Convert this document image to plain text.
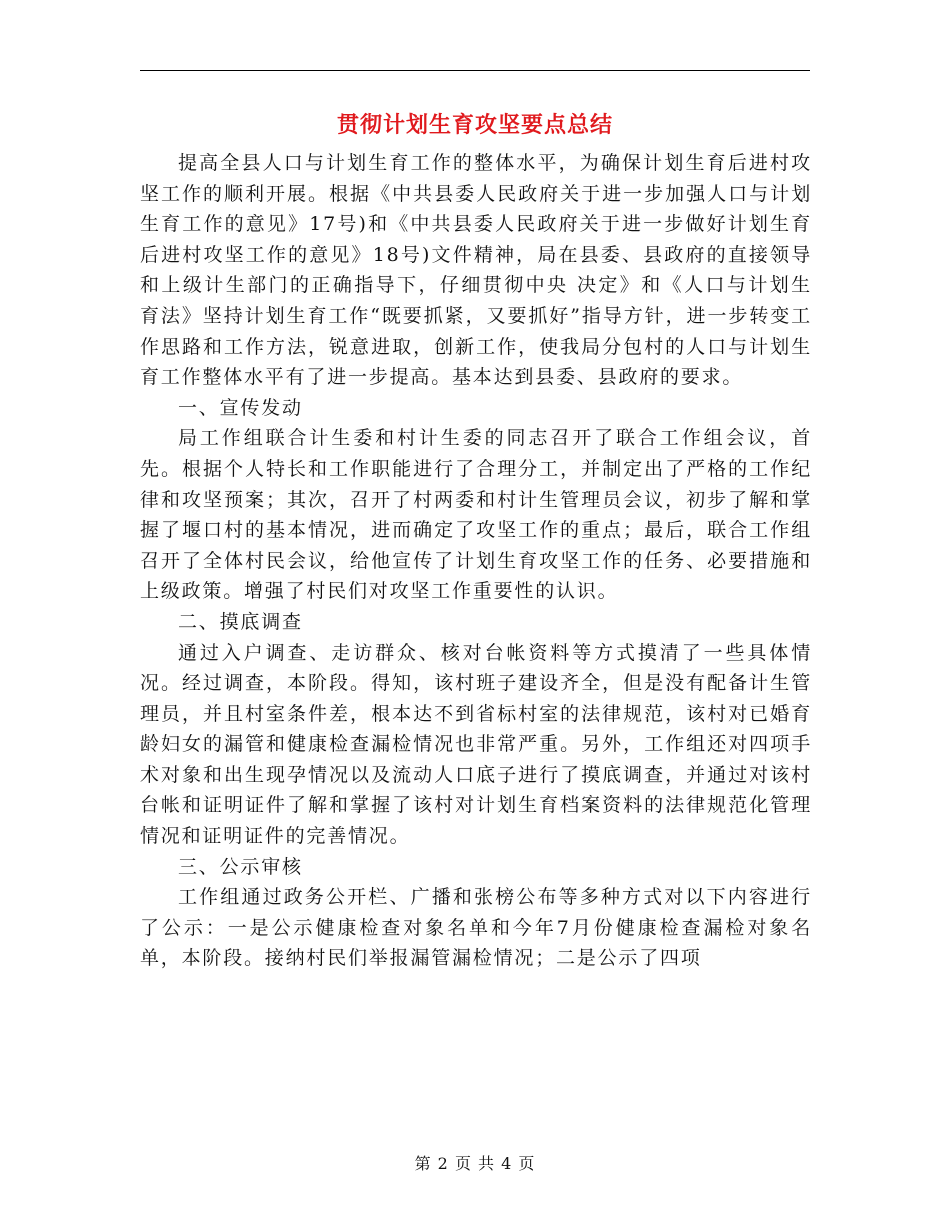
贯彻计划生育攻坚要点总结

提高全县人口与计划生育工作的整体水平，为确保计划生育后进村攻坚工作的顺利开展。根据《中共县委人民政府关于进一步加强人口与计划生育工作的意见》17号)和《中共县委人民政府关于进一步做好计划生育后进村攻坚工作的意见》18号)文件精神，局在县委、县政府的直接领导和上级计生部门的正确指导下，仔细贯彻中央 决定》和《人口与计划生育法》坚持计划生育工作“既要抓紧，又要抓好”指导方针，进一步转变工作思路和工作方法，锐意进取，创新工作，使我局分包村的人口与计划生育工作整体水平有了进一步提高。基本达到县委、县政府的要求。

一、宣传发动

局工作组联合计生委和村计生委的同志召开了联合工作组会议，首先。根据个人特长和工作职能进行了合理分工，并制定出了严格的工作纪律和攻坚预案；其次，召开了村两委和村计生管理员会议，初步了解和掌握了堰口村的基本情况，进而确定了攻坚工作的重点；最后，联合工作组召开了全体村民会议，给他宣传了计划生育攻坚工作的任务、必要措施和上级政策。增强了村民们对攻坚工作重要性的认识。

二、摸底调查

通过入户调查、走访群众、核对台帐资料等方式摸清了一些具体情况。经过调查，本阶段。得知，该村班子建设齐全，但是没有配备计生管理员，并且村室条件差，根本达不到省标村室的法律规范，该村对已婚育龄妇女的漏管和健康检查漏检情况也非常严重。另外，工作组还对四项手术对象和出生现孕情况以及流动人口底子进行了摸底调查，并通过对该村台帐和证明证件了解和掌握了该村对计划生育档案资料的法律规范化管理情况和证明证件的完善情况。

三、公示审核

工作组通过政务公开栏、广播和张榜公布等多种方式对以下内容进行了公示：一是公示健康检查对象名单和今年7月份健康检查漏检对象名单，本阶段。接纳村民们举报漏管漏检情况；二是公示了四项

第 2 页 共 4 页
